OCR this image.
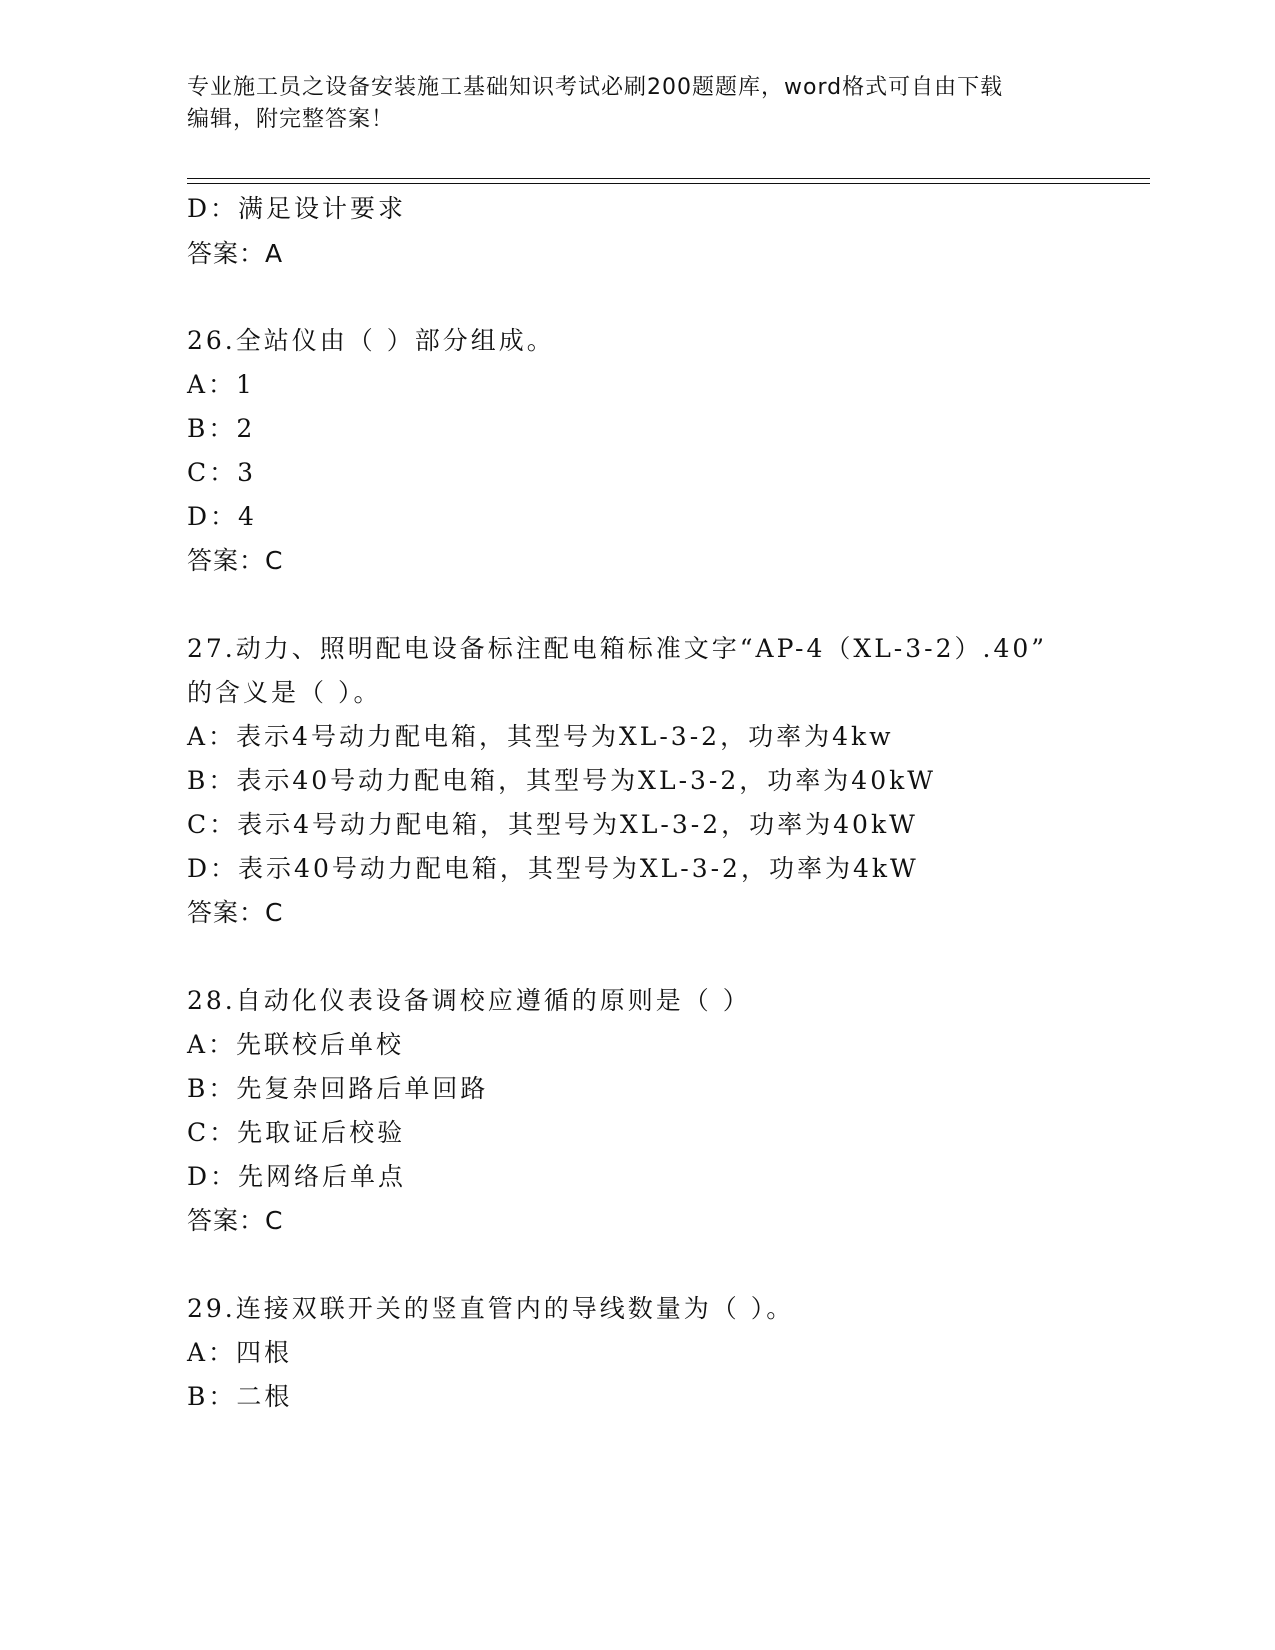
专业施工员之设备安装施工基础知识考试必刷200题题库，word格式可自由下载
编辑，附完整答案！
D：满足设计要求
答案：A
26.全站仪由（ ）部分组成。
A：1
B：2
C：3
D：4
答案：C
27.动力、照明配电设备标注配电箱标准文字“AP-4（XL-3-2）.40”
的含义是（ ）。
A：表示4号动力配电箱，其型号为XL-3-2，功率为4kw
B：表示40号动力配电箱，其型号为XL-3-2，功率为40kW
C：表示4号动力配电箱，其型号为XL-3-2，功率为40kW
D：表示40号动力配电箱，其型号为XL-3-2，功率为4kW
答案：C
28.自动化仪表设备调校应遵循的原则是（ ）
A：先联校后单校
B：先复杂回路后单回路
C：先取证后校验
D：先网络后单点
答案：C
29.连接双联开关的竖直管内的导线数量为（ ）。
A：四根
B：二根
